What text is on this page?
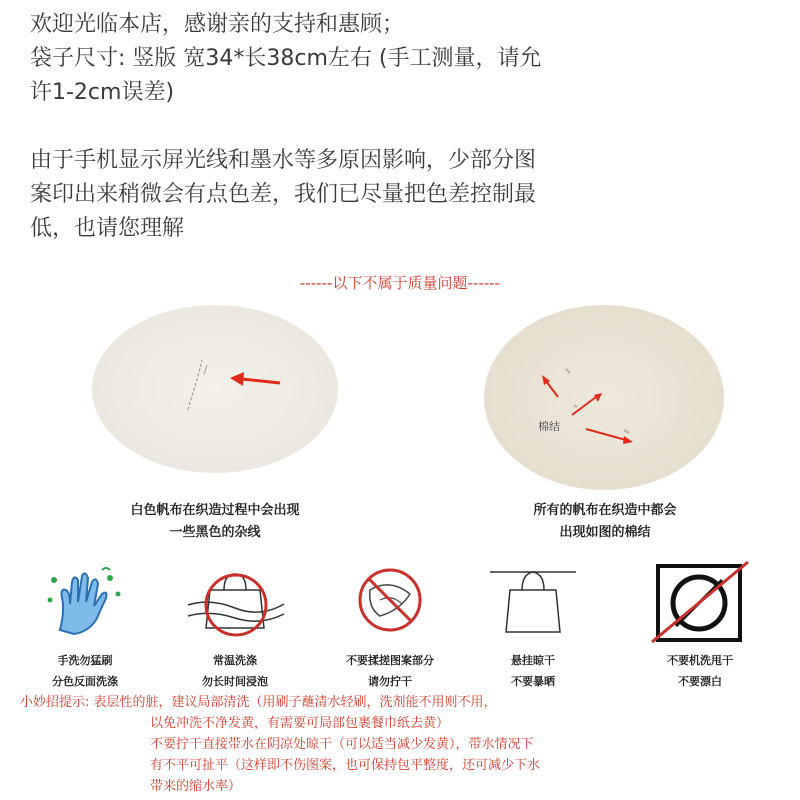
欢迎光临本店，感谢亲的支持和惠顾；

袋子尺寸: 竖版 宽34*长38cm左右 (手工测量，请允

许1-2cm误差)

由于手机显示屏光线和墨水等多原因影响，少部分图

案印出来稍微会有点色差，我们已尽量把色差控制最

低，也请您理解

------以下不属于质量问题------
棉结
白色帆布在织造过程中会出现
一些黑色的杂线
所有的帆布在织造中都会
出现如图的棉结
手洗勿猛刷
分色反面洗涤
常温洗涤
勿长时间浸泡
不要揉搓图案部分
请勿拧干
悬挂晾干
不要暴晒
不要机洗甩干
不要漂白
小妙招提示: 表层性的脏，建议局部清洗（用刷子蘸清水轻刷，洗剂能不用则不用，
以免冲洗不净发黄，有需要可局部包裹餐巾纸去黄）
不要拧干直接带水在阴凉处晾干（可以适当减少发黄），带水情况下
有不平可扯平（这样即不伤图案，也可保持包平整度，还可减少下水
带来的缩水率）
